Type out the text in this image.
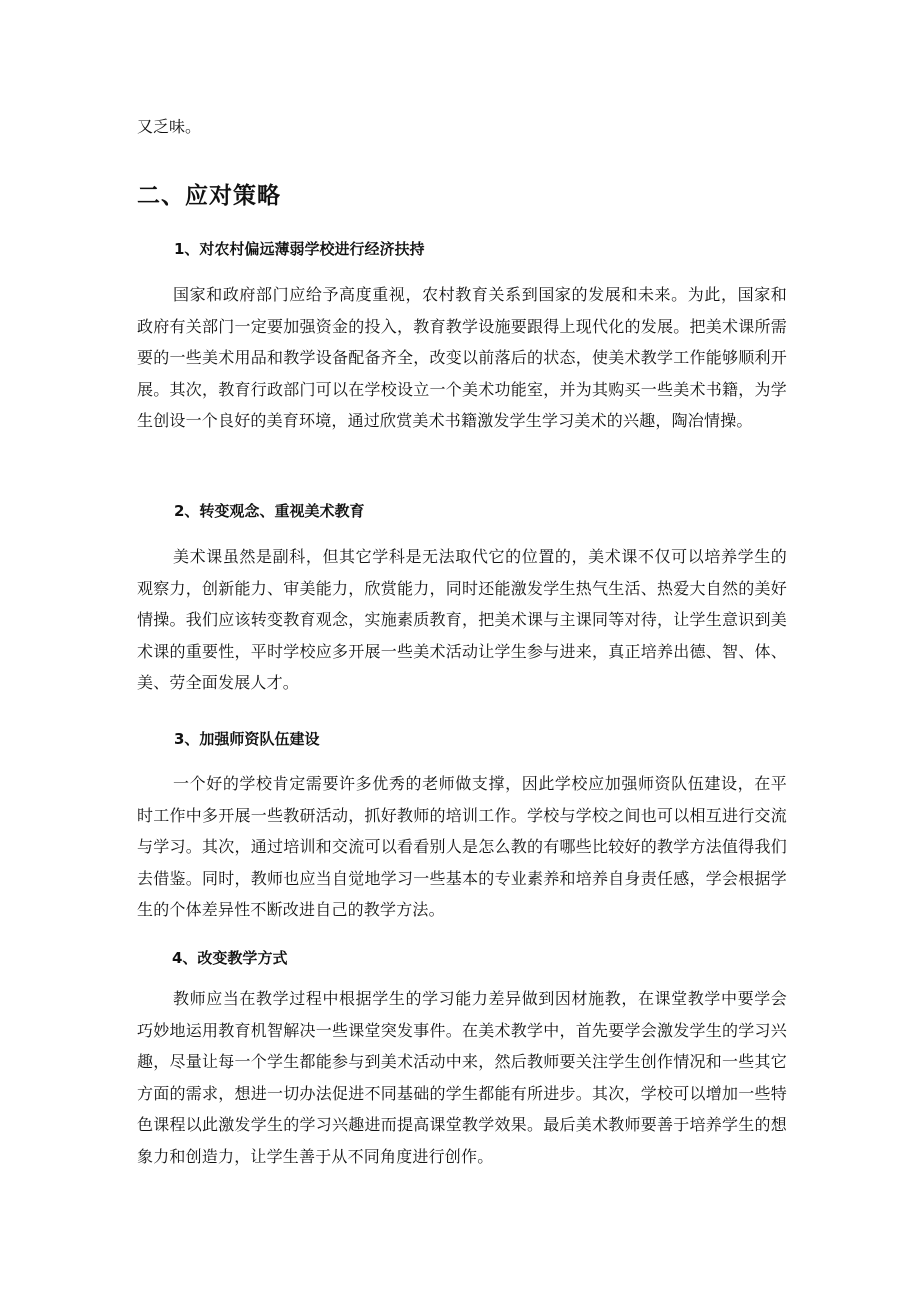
又乏味。

二、应对策略
1、对农村偏远薄弱学校进行经济扶持

国家和政府部门应给予高度重视，农村教育关系到国家的发展和未来。为此，国家和政府有关部门一定要加强资金的投入，教育教学设施要跟得上现代化的发展。把美术课所需要的一些美术用品和教学设备配备齐全，改变以前落后的状态，使美术教学工作能够顺利开展。其次，教育行政部门可以在学校设立一个美术功能室，并为其购买一些美术书籍，为学生创设一个良好的美育环境，通过欣赏美术书籍激发学生学习美术的兴趣，陶冶情操。

2、转变观念、重视美术教育

美术课虽然是副科，但其它学科是无法取代它的位置的，美术课不仅可以培养学生的观察力，创新能力、审美能力，欣赏能力，同时还能激发学生热气生活、热爱大自然的美好情操。我们应该转变教育观念，实施素质教育，把美术课与主课同等对待，让学生意识到美术课的重要性，平时学校应多开展一些美术活动让学生参与进来，真正培养出德、智、体、美、劳全面发展人才。

3、加强师资队伍建设

一个好的学校肯定需要许多优秀的老师做支撑，因此学校应加强师资队伍建设，在平时工作中多开展一些教研活动，抓好教师的培训工作。学校与学校之间也可以相互进行交流与学习。其次，通过培训和交流可以看看别人是怎么教的有哪些比较好的教学方法值得我们去借鉴。同时，教师也应当自觉地学习一些基本的专业素养和培养自身责任感，学会根据学生的个体差异性不断改进自己的教学方法。

4、改变教学方式

教师应当在教学过程中根据学生的学习能力差异做到因材施教，在课堂教学中要学会巧妙地运用教育机智解决一些课堂突发事件。在美术教学中，首先要学会激发学生的学习兴趣，尽量让每一个学生都能参与到美术活动中来，然后教师要关注学生创作情况和一些其它方面的需求，想进一切办法促进不同基础的学生都能有所进步。其次，学校可以增加一些特色课程以此激发学生的学习兴趣进而提高课堂教学效果。最后美术教师要善于培养学生的想象力和创造力，让学生善于从不同角度进行创作。
